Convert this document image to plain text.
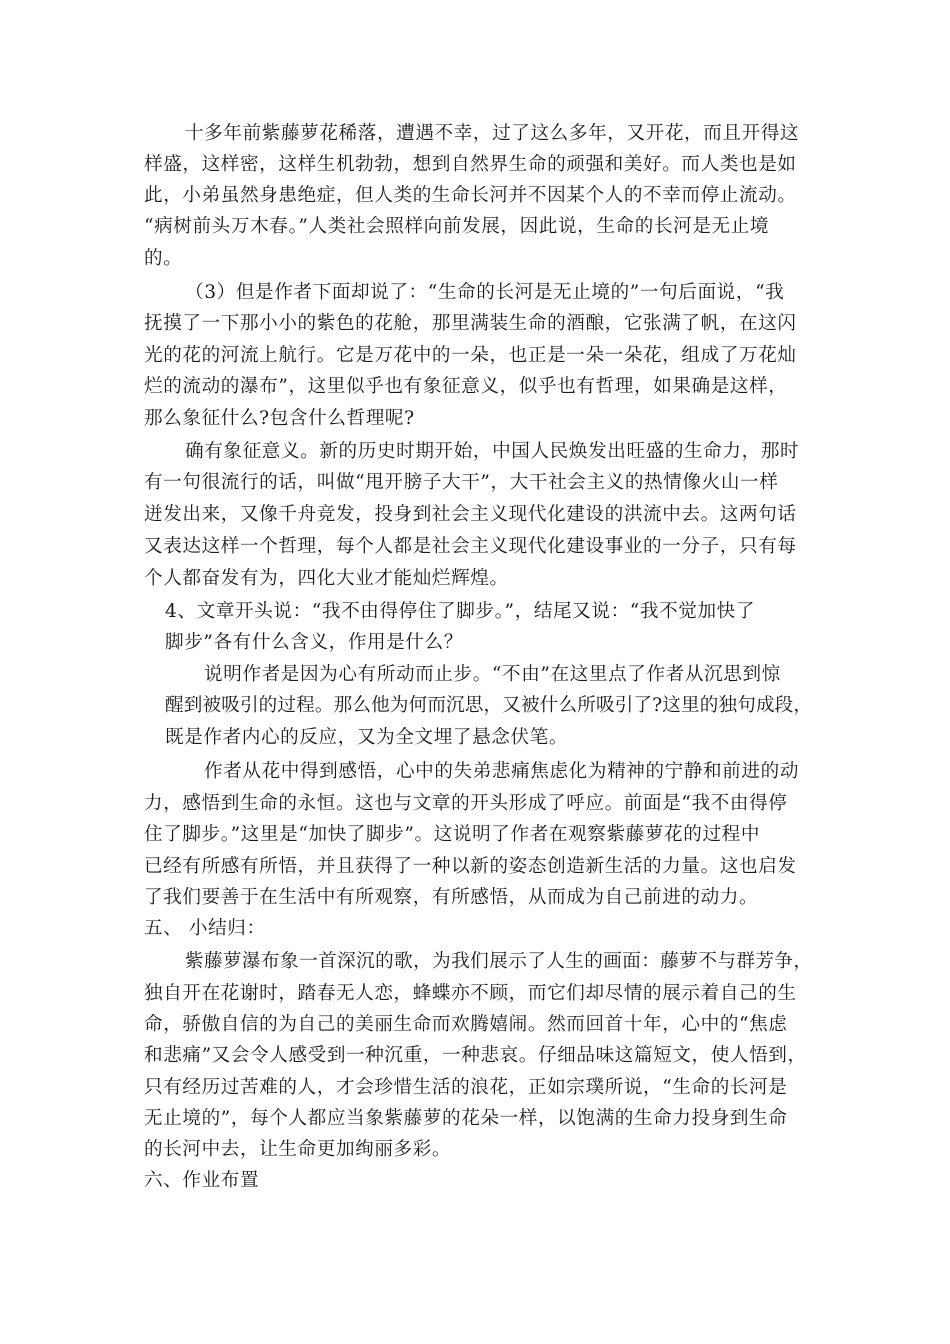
十多年前紫藤萝花稀落，遭遇不幸，过了这么多年，又开花，而且开得这

样盛，这样密，这样生机勃勃，想到自然界生命的顽强和美好。而人类也是如

此，小弟虽然身患绝症，但人类的生命长河并不因某个人的不幸而停止流动。

“病树前头万木春。”人类社会照样向前发展，因此说，生命的长河是无止境

的。

（3）但是作者下面却说了：“生命的长河是无止境的”一句后面说，“我

抚摸了一下那小小的紫色的花舱，那里满装生命的酒酿，它张满了帆，在这闪

光的花的河流上航行。它是万花中的一朵，也正是一朵一朵花，组成了万花灿

烂的流动的瀑布”，这里似乎也有象征意义，似乎也有哲理，如果确是这样，

那么象征什么?包含什么哲理呢?

确有象征意义。新的历史时期开始，中国人民焕发出旺盛的生命力，那时

有一句很流行的话，叫做“甩开膀子大干”，大干社会主义的热情像火山一样

迸发出来，又像千舟竞发，投身到社会主义现代化建设的洪流中去。这两句话

又表达这样一个哲理，每个人都是社会主义现代化建设事业的一分子，只有每

个人都奋发有为，四化大业才能灿烂辉煌。

4、文章开头说：“我不由得停住了脚步。”，结尾又说：“我不觉加快了

脚步”各有什么含义，作用是什么？

说明作者是因为心有所动而止步。“不由”在这里点了作者从沉思到惊

醒到被吸引的过程。那么他为何而沉思，又被什么所吸引了?这里的独句成段，

既是作者内心的反应，又为全文埋了悬念伏笔。

作者从花中得到感悟，心中的失弟悲痛焦虑化为精神的宁静和前进的动

力，感悟到生命的永恒。这也与文章的开头形成了呼应。前面是“我不由得停

住了脚步。”这里是“加快了脚步”。这说明了作者在观察紫藤萝花的过程中

已经有所感有所悟，并且获得了一种以新的姿态创造新生活的力量。这也启发

了我们要善于在生活中有所观察，有所感悟，从而成为自己前进的动力。

五、 小结归：

紫藤萝瀑布象一首深沉的歌，为我们展示了人生的画面：藤萝不与群芳争，

独自开在花谢时，踏春无人恋，蜂蝶亦不顾，而它们却尽情的展示着自己的生

命，骄傲自信的为自己的美丽生命而欢腾嬉闹。然而回首十年，心中的“焦虑

和悲痛”又会令人感受到一种沉重，一种悲哀。仔细品味这篇短文，使人悟到，

只有经历过苦难的人，才会珍惜生活的浪花，正如宗璞所说，“生命的长河是

无止境的”，每个人都应当象紫藤萝的花朵一样，以饱满的生命力投身到生命

的长河中去，让生命更加绚丽多彩。

六、作业布置
